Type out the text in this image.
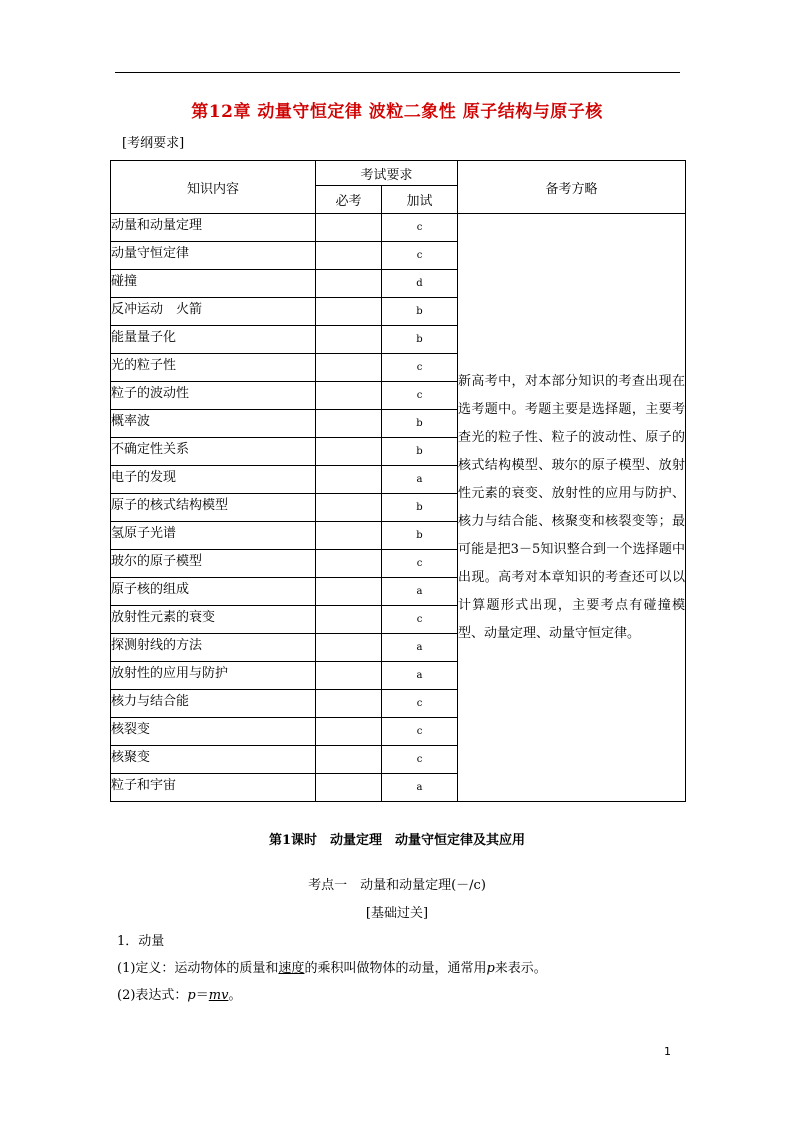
第12章 动量守恒定律 波粒二象性 原子结构与原子核
[考纲要求]
知识内容	考试要求		备考方略
	必考	加试	
动量和动量定理		c	新高考中，对本部分知识的考查出现在选考题中。考题主要是选择题，主要考查光的粒子性、粒子的波动性、原子的核式结构模型、玻尔的原子模型、放射性元素的衰变、放射性的应用与防护、核力与结合能、核聚变和核裂变等；最可能是把3－5知识整合到一个选择题中出现。高考对本章知识的考查还可以以计算题形式出现，主要考点有碰撞模型、动量定理、动量守恒定律。
动量守恒定律		c	
碰撞		d	
反冲运动　火箭		b	
能量量子化		b	
光的粒子性		c	
粒子的波动性		c	
概率波		b	
不确定性关系		b	
电子的发现		a	
原子的核式结构模型		b	
氢原子光谱		b	
玻尔的原子模型		c	
原子核的组成		a	
放射性元素的衰变		c	
探测射线的方法		a	
放射性的应用与防护		a	
核力与结合能		c	
核裂变		c	
核聚变		c	
粒子和宇宙		a	
第1课时　动量定理　动量守恒定律及其应用
考点一　动量和动量定理(－/c)
[基础过关]
1．动量
(1)定义：运动物体的质量和速度的乘积叫做物体的动量，通常用p来表示。
(2)表达式：p＝mv。
1
